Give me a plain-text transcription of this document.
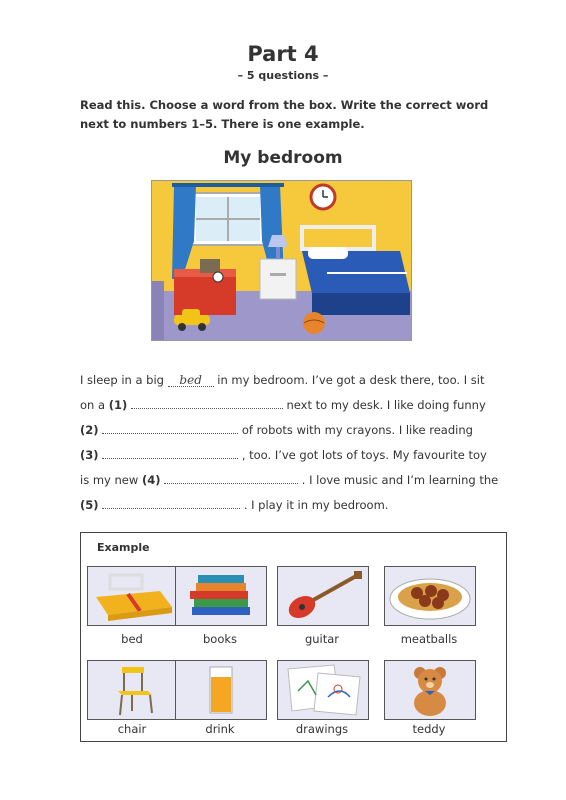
Part 4
– 5 questions –
Read this. Choose a word from the box. Write the correct word next to numbers 1–5. There is one example.
My bedroom
I sleep in a big bed in my bedroom. I’ve got a desk there, too. I sit
on a (1)	next to my desk. I like doing funny
(2)	of robots with my crayons. I like reading
(3)	, too. I’ve got lots of toys. My favourite toy
is my new (4)	. I love music and I’m learning the
(5)	. I play it in my bedroom.
Example
bed	books	guitar	meatballs
chair	drink	drawings	teddy
